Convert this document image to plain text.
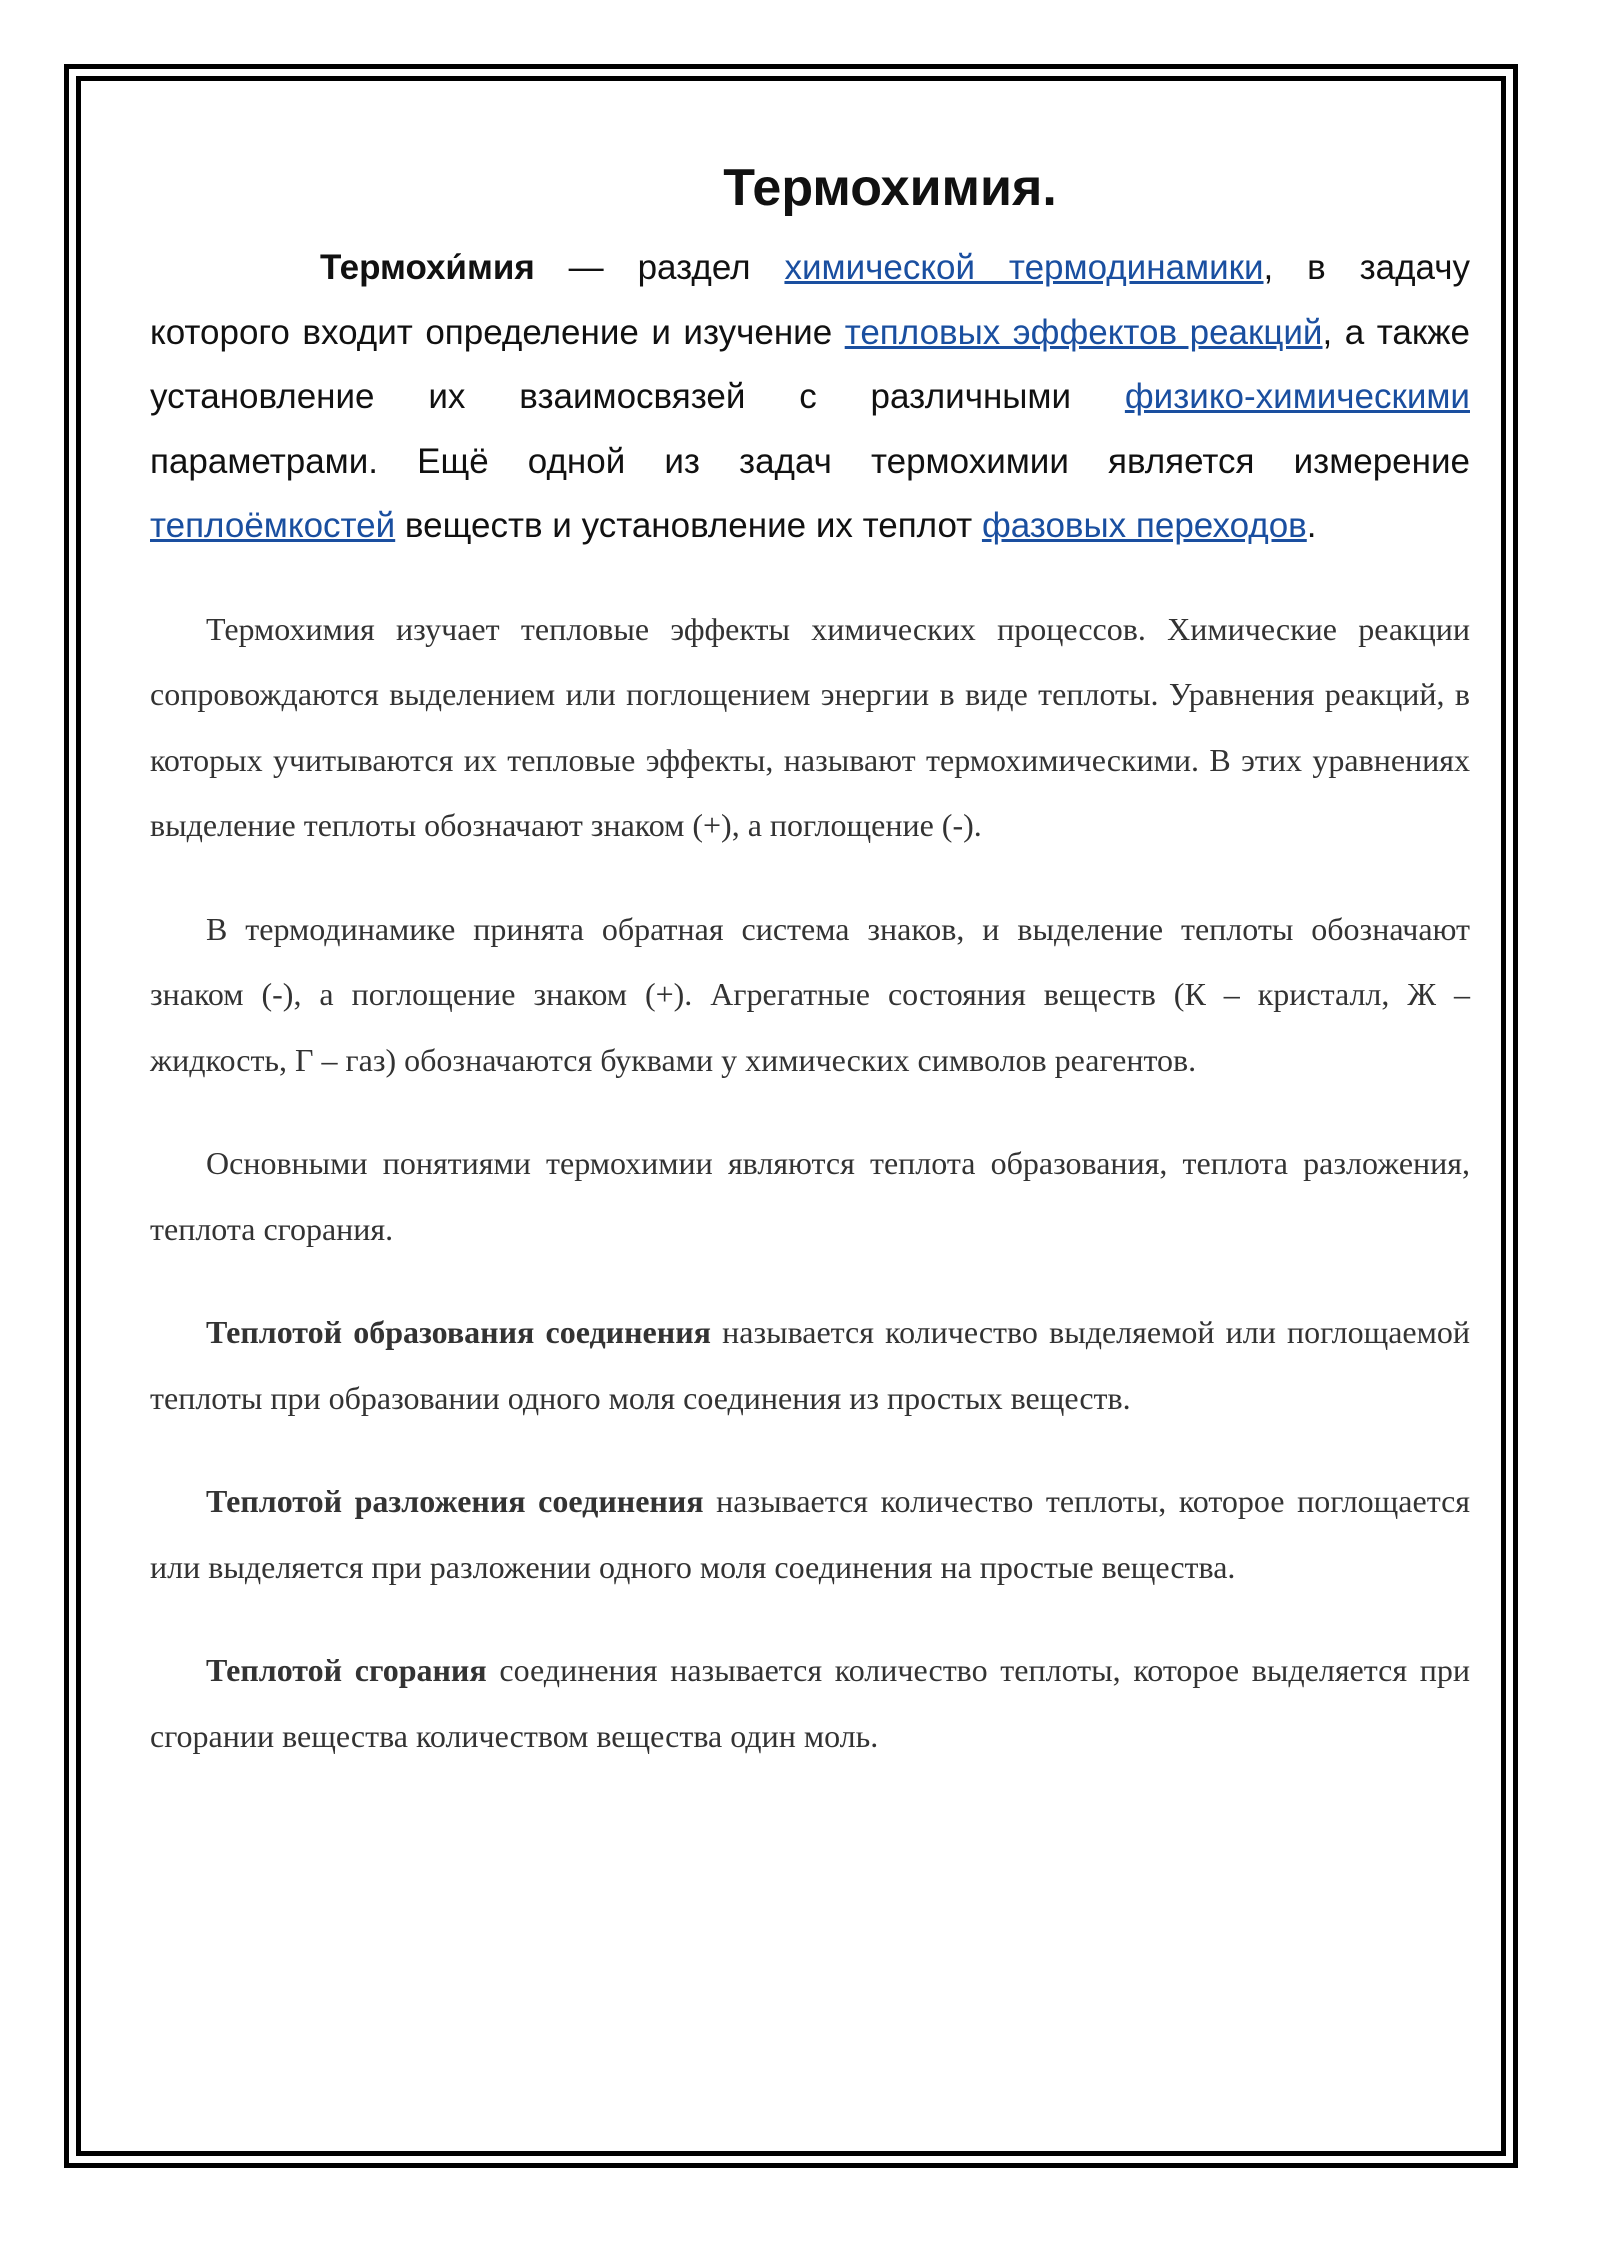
Термохимия.

Термохи́мия — раздел химической термодинамики, в задачу которого входит определение и изучение тепловых эффектов реакций, а также установление их взаимосвязей с различными физико-химическими параметрами. Ещё одной из задач термохимии является измерение теплоёмкостей веществ и установление их теплот фазовых переходов.

Термохимия изучает тепловые эффекты химических процессов. Химические реакции сопровождаются выделением или поглощением энергии в виде теплоты. Уравнения реакций, в которых учитываются их тепловые эффекты, называют термохимическими. В этих уравнениях выделение теплоты обозначают знаком (+), а поглощение (-).

В термодинамике принята обратная система знаков, и выделение теплоты обозначают знаком (-), а поглощение знаком (+). Агрегатные состояния веществ (К – кристалл, Ж – жидкость, Г – газ) обозначаются буквами у химических символов реагентов.

Основными понятиями термохимии являются теплота образования, теплота разложения, теплота сгорания.

Теплотой образования соединения называется количество выделяемой или поглощаемой теплоты при образовании одного моля соединения из простых веществ.

Теплотой разложения соединения называется количество теплоты, которое поглощается или выделяется при разложении одного моля соединения на простые вещества.

Теплотой сгорания соединения называется количество теплоты, которое выделяется при сгорании вещества количеством вещества один моль.
